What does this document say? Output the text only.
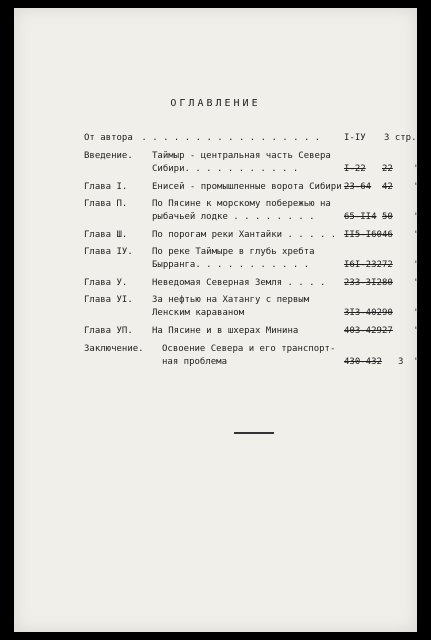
ОГЛАВЛЕНИЕ
От автора . . . . . . . . . . . . . . . . .	I-IУ 3 стр.
Введение. Таймыр - центральная часть Севера
Сибири. . . . . . . . . . .	I-22 22 "
Глава I.	Енисей - промышленные ворота Сибири 23-64 42 "
Глава П.	По Пясине к морскому побережью на
рыбачьей лодке . . . . . . . .	65-II4 50 "
Глава Ш.	По порогам реки Хантайки . . . . . II5-I60 46 "
Глава IУ. По реке Таймыре в глубь хребта
Бырранга. . . . . . . . . . .	I6I-232 72 "
Глава У.	Неведомая Северная Земля . . . . 233-3I2 80 "
Глава УI. За нефтью на Хатангу с первым
Ленским караваном	3I3-402 90 "
Глава УП. На Пясине и в шхерах Минина	403-429 27 "
Заключение. Освоение Севера и его транспорт-
ная проблема	430-432 3 "
